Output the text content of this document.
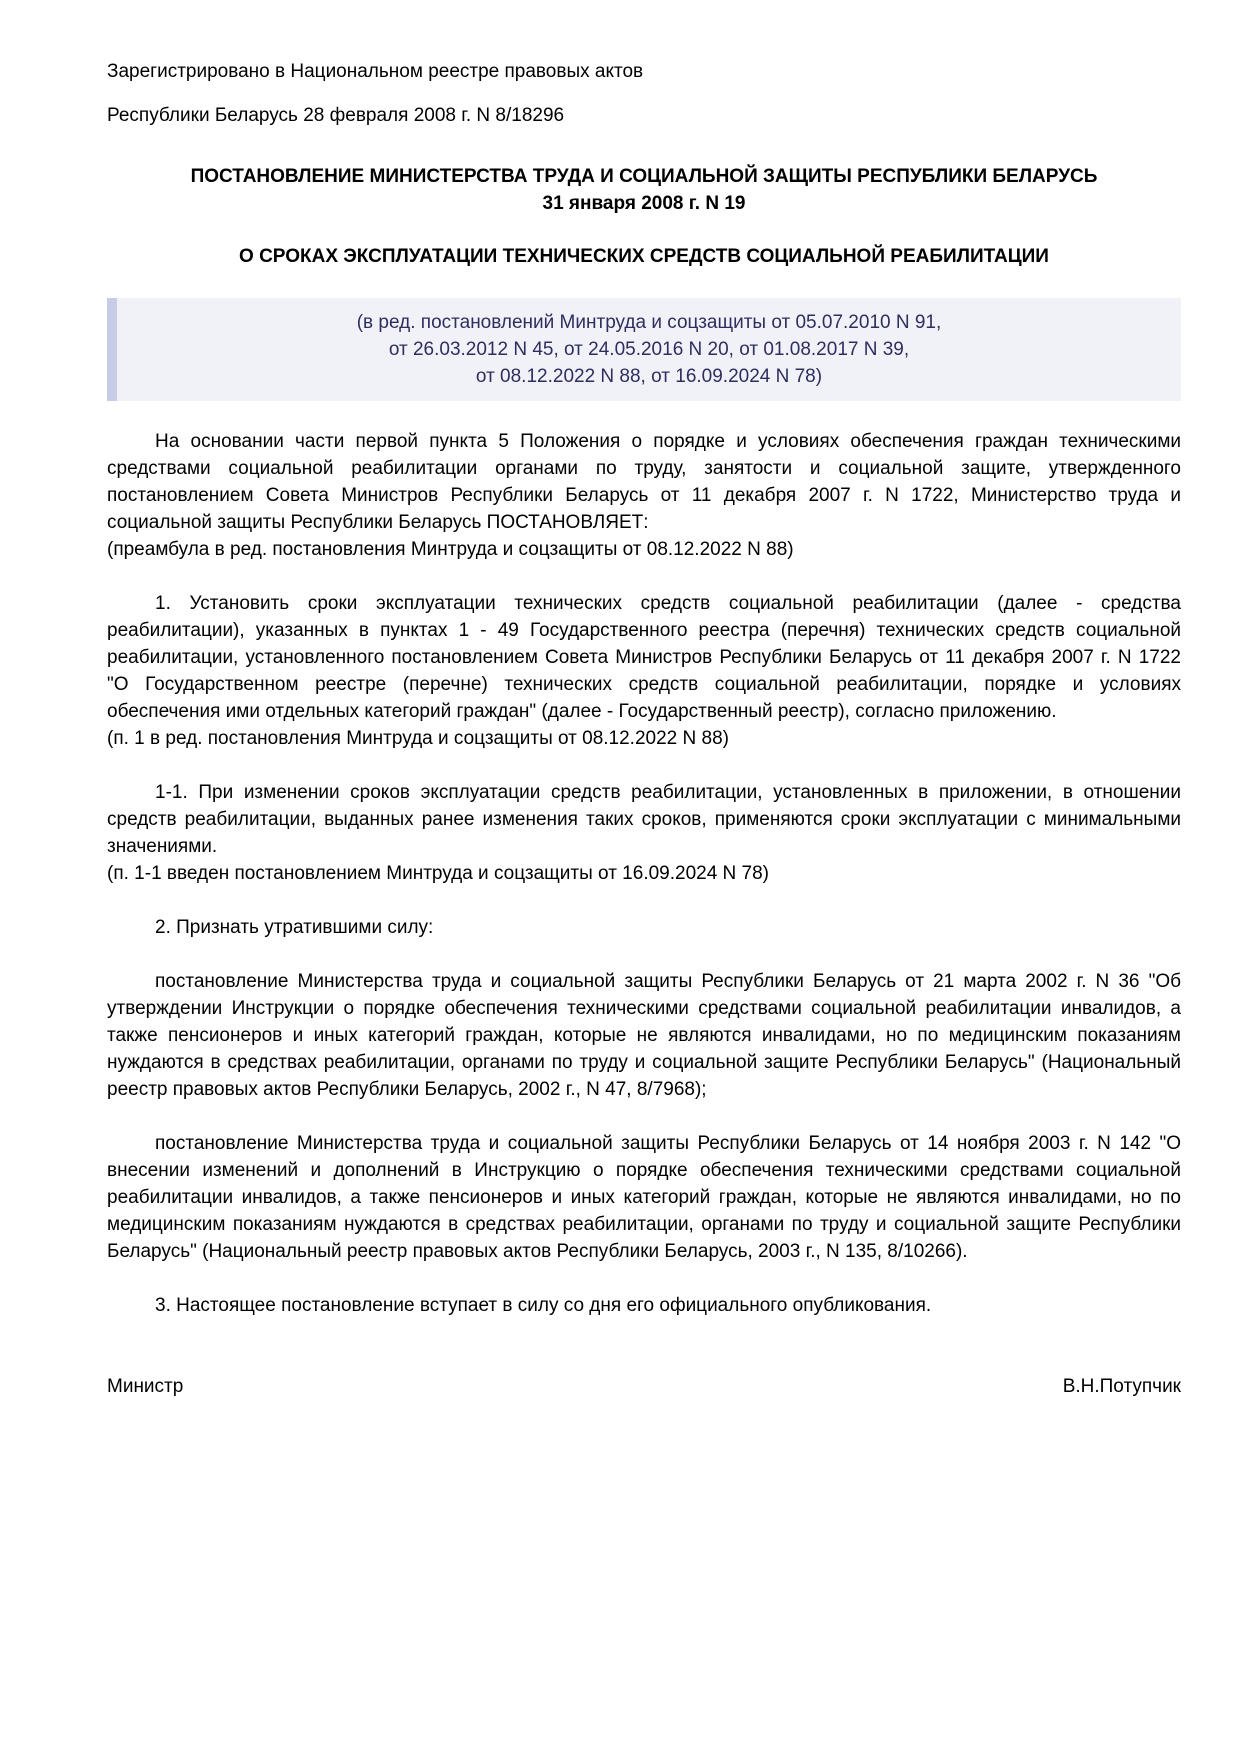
Зарегистрировано в Национальном реестре правовых актов

Республики Беларусь 28 февраля 2008 г. N 8/18296

ПОСТАНОВЛЕНИЕ МИНИСТЕРСТВА ТРУДА И СОЦИАЛЬНОЙ ЗАЩИТЫ РЕСПУБЛИКИ БЕЛАРУСЬ
31 января 2008 г. N 19
О СРОКАХ ЭКСПЛУАТАЦИИ ТЕХНИЧЕСКИХ СРЕДСТВ СОЦИАЛЬНОЙ РЕАБИЛИТАЦИИ
(в ред. постановлений Минтруда и соцзащиты от 05.07.2010 N 91,
от 26.03.2012 N 45, от 24.05.2016 N 20, от 01.08.2017 N 39,
от 08.12.2022 N 88, от 16.09.2024 N 78)

На основании части первой пункта 5 Положения о порядке и условиях обеспечения граждан техническими средствами социальной реабилитации органами по труду, занятости и социальной защите, утвержденного постановлением Совета Министров Республики Беларусь от 11 декабря 2007 г. N 1722, Министерство труда и социальной защиты Республики Беларусь ПОСТАНОВЛЯЕТ:

(преамбула в ред. постановления Минтруда и соцзащиты от 08.12.2022 N 88)

1. Установить сроки эксплуатации технических средств социальной реабилитации (далее - средства реабилитации), указанных в пунктах 1 - 49 Государственного реестра (перечня) технических средств социальной реабилитации, установленного постановлением Совета Министров Республики Беларусь от 11 декабря 2007 г. N 1722 "О Государственном реестре (перечне) технических средств социальной реабилитации, порядке и условиях обеспечения ими отдельных категорий граждан" (далее - Государственный реестр), согласно приложению.

(п. 1 в ред. постановления Минтруда и соцзащиты от 08.12.2022 N 88)

1-1. При изменении сроков эксплуатации средств реабилитации, установленных в приложении, в отношении средств реабилитации, выданных ранее изменения таких сроков, применяются сроки эксплуатации с минимальными значениями.

(п. 1-1 введен постановлением Минтруда и соцзащиты от 16.09.2024 N 78)

2. Признать утратившими силу:

постановление Министерства труда и социальной защиты Республики Беларусь от 21 марта 2002 г. N 36 "Об утверждении Инструкции о порядке обеспечения техническими средствами социальной реабилитации инвалидов, а также пенсионеров и иных категорий граждан, которые не являются инвалидами, но по медицинским показаниям нуждаются в средствах реабилитации, органами по труду и социальной защите Республики Беларусь" (Национальный реестр правовых актов Республики Беларусь, 2002 г., N 47, 8/7968);

постановление Министерства труда и социальной защиты Республики Беларусь от 14 ноября 2003 г. N 142 "О внесении изменений и дополнений в Инструкцию о порядке обеспечения техническими средствами социальной реабилитации инвалидов, а также пенсионеров и иных категорий граждан, которые не являются инвалидами, но по медицинским показаниям нуждаются в средствах реабилитации, органами по труду и социальной защите Республики Беларусь" (Национальный реестр правовых актов Республики Беларусь, 2003 г., N 135, 8/10266).

3. Настоящее постановление вступает в силу со дня его официального опубликования.

Министр	В.Н.Потупчик
